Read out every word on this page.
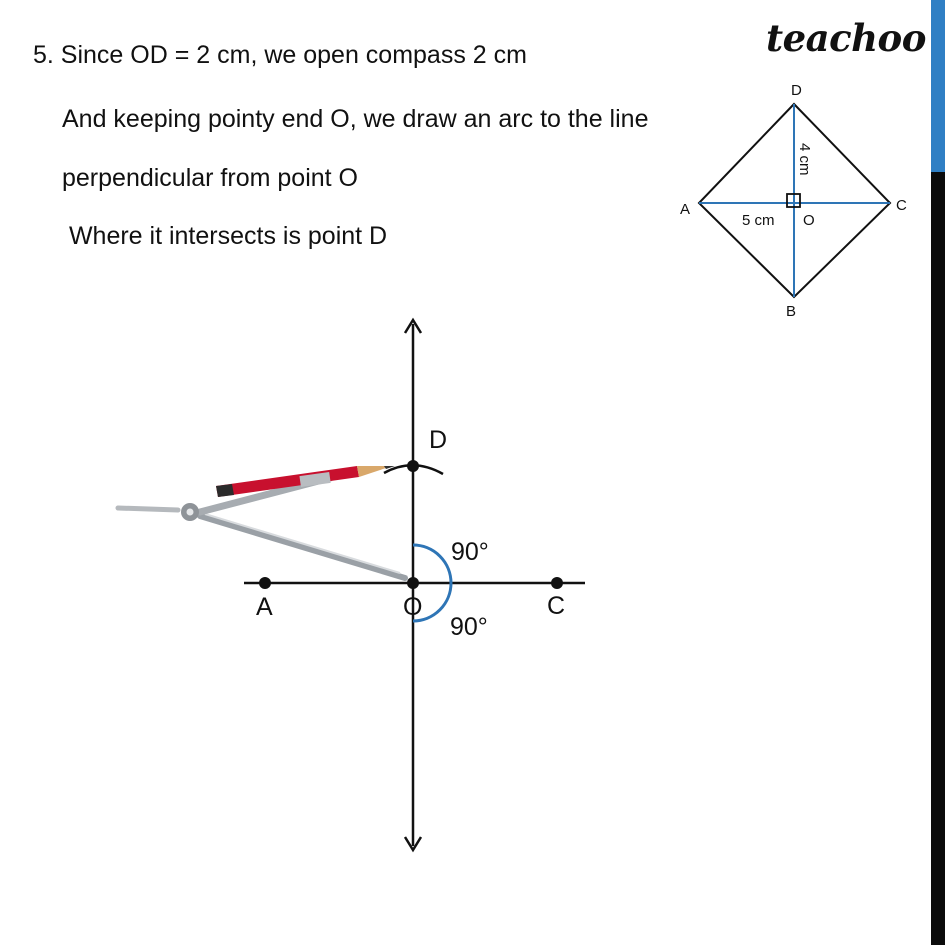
5. Since OD = 2 cm, we open compass 2 cm
And keeping pointy end O, we draw an arc to the line
perpendicular from point O
Where it intersects is point D
teachoo
D
A	C
B
O
5 cm
4 cm
A	O	C
D
90°
90°
